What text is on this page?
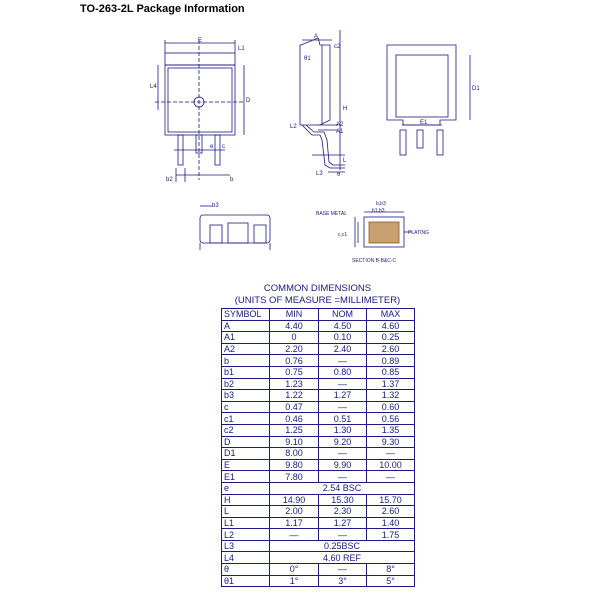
TO-263-2L Package Information
E
L1
L4
D
c
b2	b
e
A
c2
θ1
H
A2
A1
L2
L3 θ
L
E1
D1
b3
BASE METAL
b,b3
b1,b3
PLATING
c,c1
SECTION B-B&C-C
COMMON DIMENSIONS
(UNITS OF MEASURE =MILLIMETER)
SYMBOL	MIN	NOM	MAX
A	4.40	4.50	4.60
A1	0	0.10	0.25
A2	2.20	2.40	2.60
b	0.76	—	0.89
b1	0.75	0.80	0.85
b2	1.23	—	1.37
b3	1.22	1.27	1.32
c	0.47	—	0.60
c1	0.46	0.51	0.56
c2	1.25	1.30	1.35
D	9.10	9.20	9.30
D1	8.00	—	—
E	9.80	9.90	10.00
E1	7.80	—	—
e	2.54 BSC		
H	14.90	15.30	15.70
L	2.00	2.30	2.60
L1	1.17	1.27	1.40
L2	—	—	1.75
L3	0.25BSC		
L4	4.60 REF		
θ	0°	—	8°
θ1	1°	3°	5°
